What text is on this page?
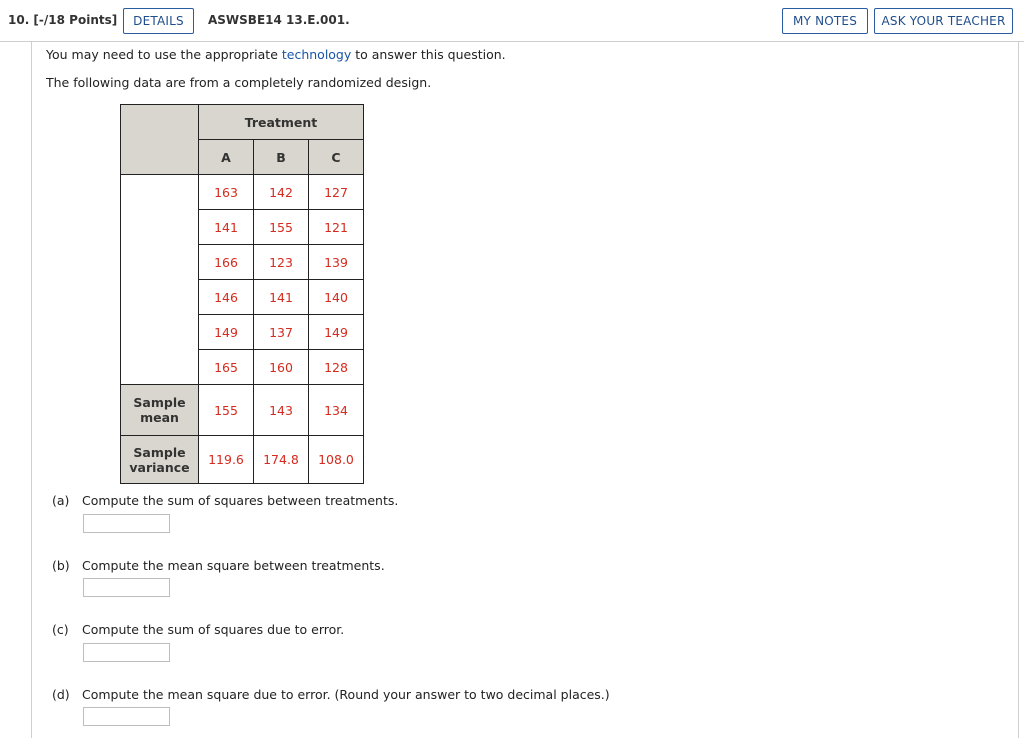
10. [-/18 Points]	DETAILS	ASWSBE14 13.E.001.	MY NOTES	ASK YOUR TEACHER
You may need to use the appropriate technology to answer this question.
The following data are from a completely randomized design.
	Treatment		
	A	B	C
	163	142	127
	141	155	121
	166	123	139
	146	141	140
	149	137	149
	165	160	128
Sample
mean	155	143	134
Sample
variance	119.6	174.8	108.0
(a) Compute the sum of squares between treatments.
(b) Compute the mean square between treatments.
(c) Compute the sum of squares due to error.
(d) Compute the mean square due to error. (Round your answer to two decimal places.)
